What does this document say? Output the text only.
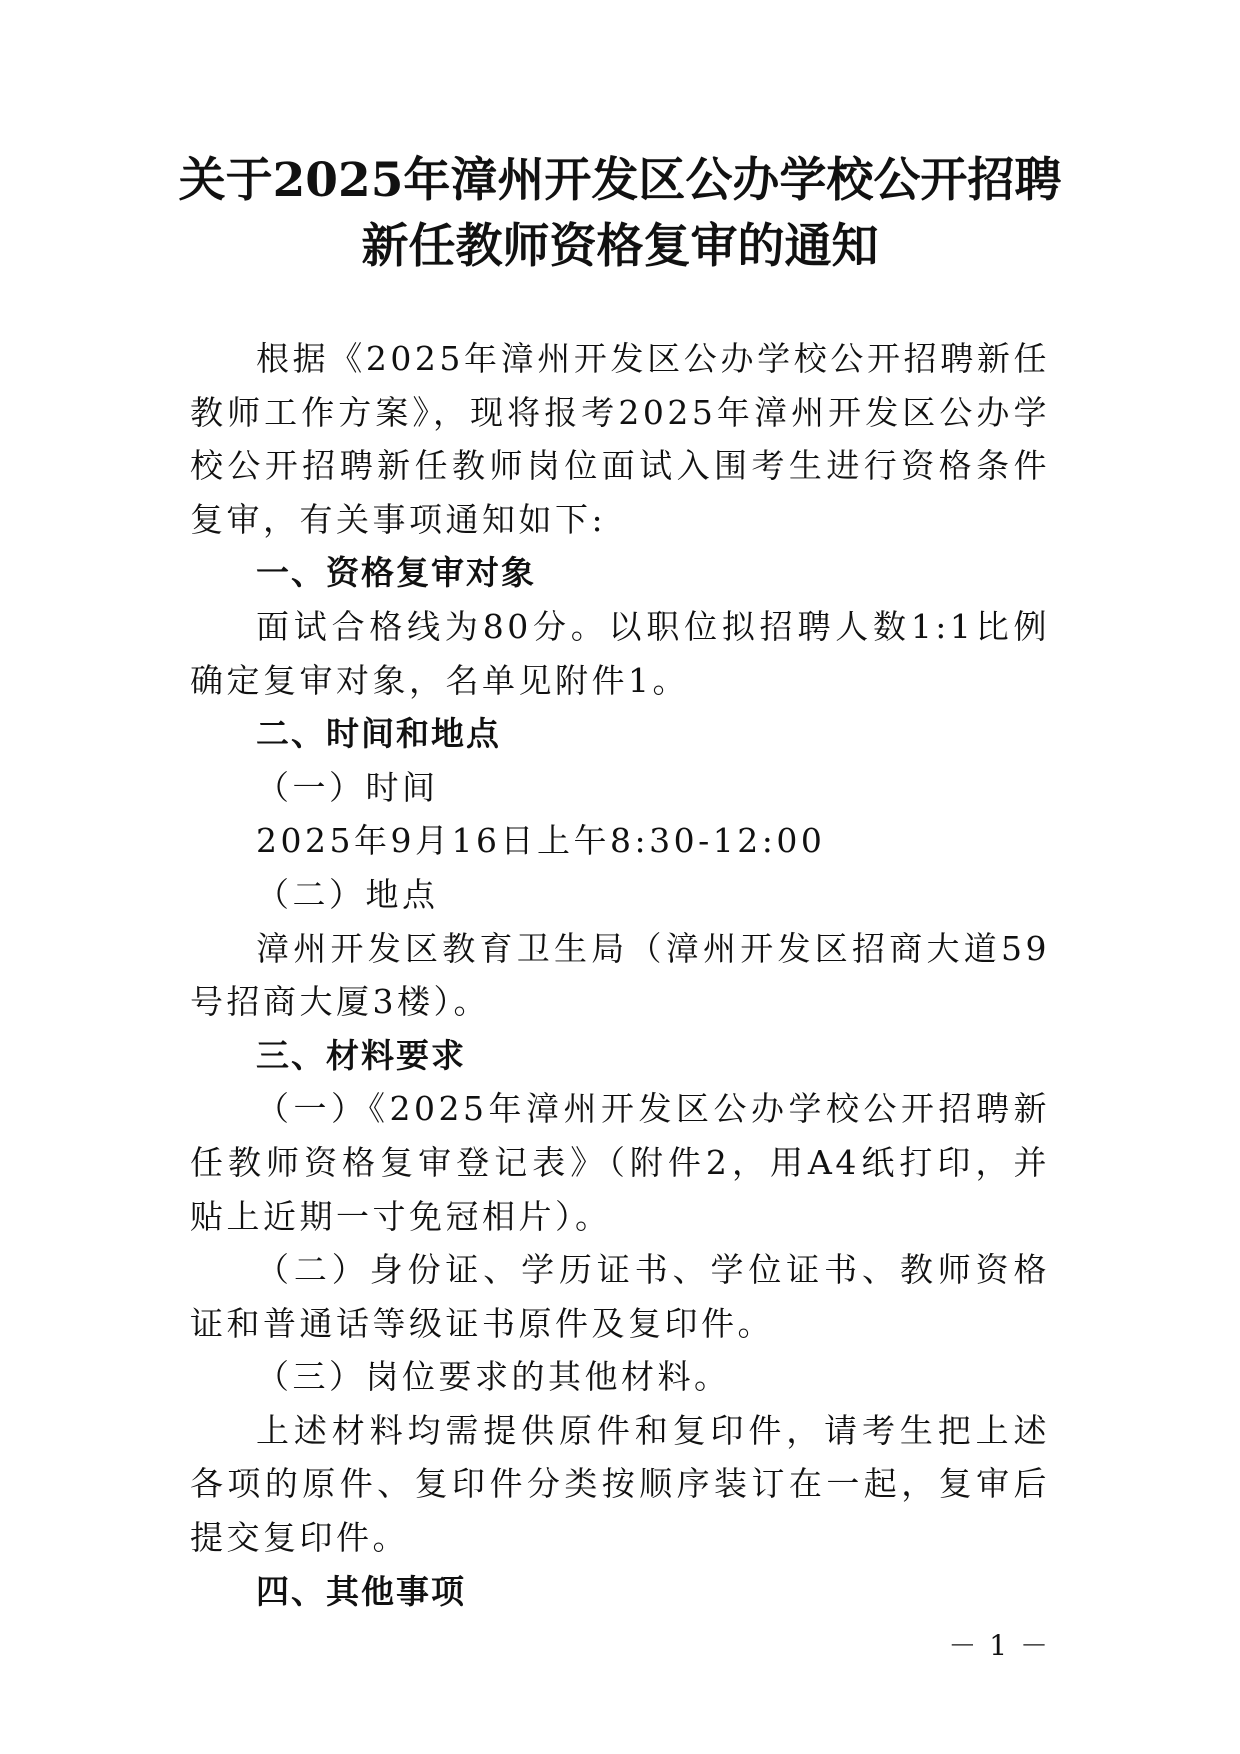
关于2025年漳州开发区公办学校公开招聘
新任教师资格复审的通知

根据《2025年漳州开发区公办学校公开招聘新任教师工作方案》，现将报考2025年漳州开发区公办学校公开招聘新任教师岗位面试入围考生进行资格条件复审，有关事项通知如下:

一、资格复审对象

面试合格线为80分。以职位拟招聘人数1:1比例确定复审对象，名单见附件1。

二、时间和地点

（一）时间

2025年9月16日上午8:30-12:00

（二）地点

漳州开发区教育卫生局（漳州开发区招商大道59号招商大厦3楼）。

三、材料要求

（一）《2025年漳州开发区公办学校公开招聘新任教师资格复审登记表》（附件2，用A4纸打印，并贴上近期一寸免冠相片）。

（二）身份证、学历证书、学位证书、教师资格证和普通话等级证书原件及复印件。

（三）岗位要求的其他材料。

上述材料均需提供原件和复印件，请考生把上述各项的原件、复印件分类按顺序装订在一起，复审后提交复印件。

四、其他事项

－ 1 －
